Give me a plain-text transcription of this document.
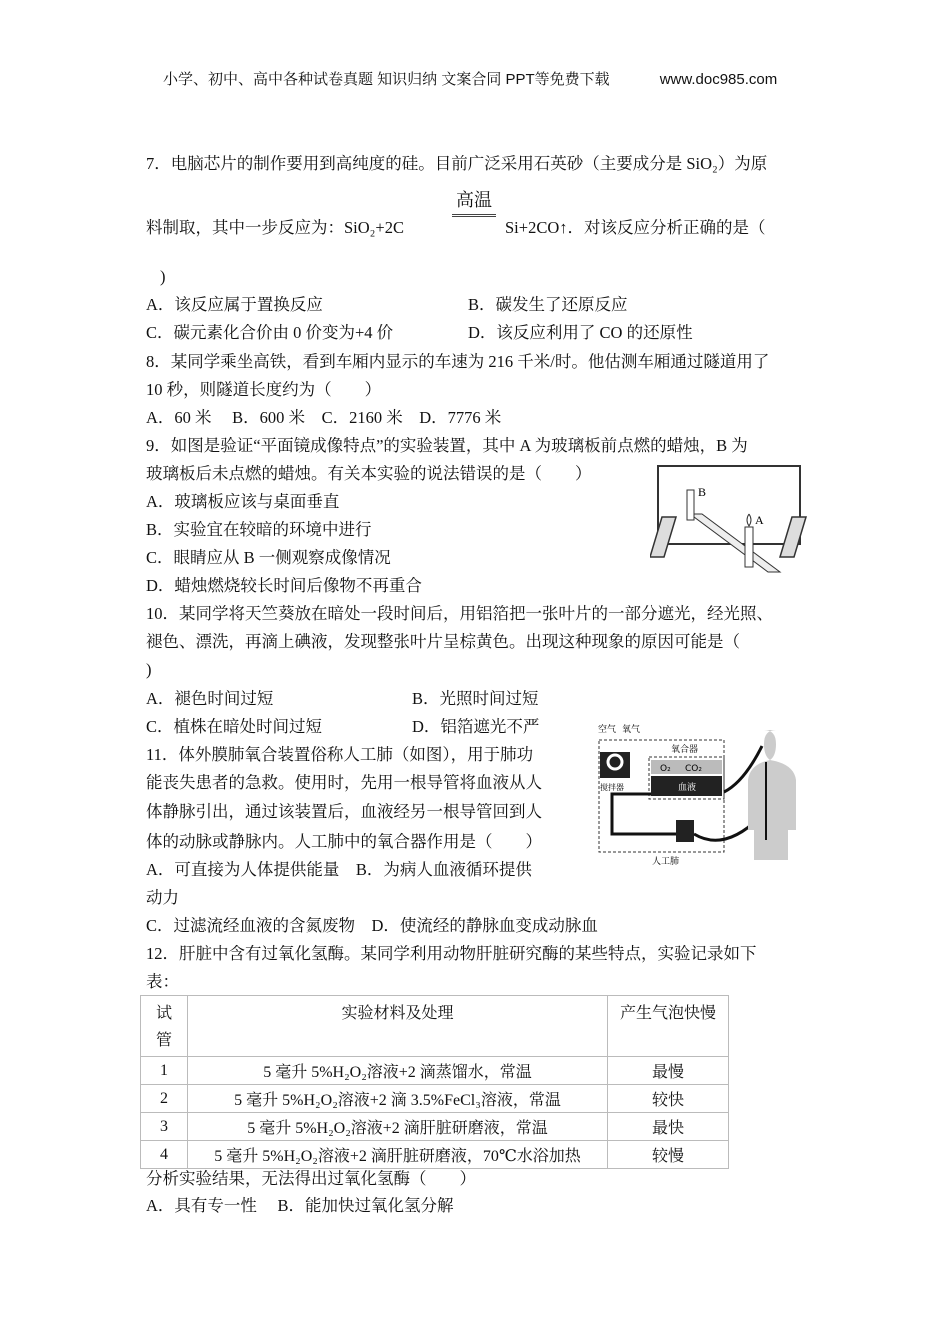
小学、初中、高中各种试卷真题 知识归纳 文案合同 PPT等免费下载	www.doc985.com
7．电脑芯片的制作要用到高纯度的硅。目前广泛采用石英砂（主要成分是 SiO₂）为原
高温
料制取，其中一步反应为：SiO₂+2C	Si+2CO↑．对该反应分析正确的是（
)
A．该反应属于置换反应	B．碳发生了还原反应
C．碳元素化合价由 0 价变为+4 价	D．该反应利用了 CO 的还原性
8．某同学乘坐高铁，看到车厢内显示的车速为 216 千米/时。他估测车厢通过隧道用了
10 秒，则隧道长度约为（　　）
A．60 米　 B．600 米　 C．2160 米　 D．7776 米
9．如图是验证“平面镜成像特点”的实验装置，其中 A 为玻璃板前点燃的蜡烛，B 为
玻璃板后未点燃的蜡烛。有关本实验的说法错误的是（　　）
A．玻璃板应该与桌面垂直
B．实验宜在较暗的环境中进行
C．眼睛应从 B 一侧观察成像情况
D．蜡烛燃烧较长时间后像物不再重合
B
A
10．某同学将天竺葵放在暗处一段时间后，用铝箔把一张叶片的一部分遮光，经光照、
褪色、漂洗，再滴上碘液，发现整张叶片呈棕黄色。出现这种现象的原因可能是（
)
A．褪色时间过短	B．光照时间过短
C．植株在暗处时间过短	D．铝箔遮光不严
11．体外膜肺氧合装置俗称人工肺（如图），用于肺功
能丧失患者的急救。使用时，先用一根导管将血液从人
体静脉引出，通过该装置后，血液经另一根导管回到人
体的动脉或静脉内。人工肺中的氧合器作用是（　　）
A．可直接为人体提供能量　B．为病人血液循环提供
动力
C．过滤流经血液的含氮废物　D．使流经的静脉血变成动脉血
空气 氧气
搅拌器
氧合器
O₂ CO₂
血液
人工肺
12．肝脏中含有过氧化氢酶。某同学利用动物肝脏研究酶的某些特点，实验记录如下
表：
试管	实验材料及处理	产生气泡快慢
1	5 毫升 5%H₂O₂溶液+2 滴蒸馏水，常温	最慢
2	5 毫升 5%H₂O₂溶液+2 滴 3.5%FeCl₃溶液，常温	较快
3	5 毫升 5%H₂O₂溶液+2 滴肝脏研磨液，常温	最快
4	5 毫升 5%H₂O₂溶液+2 滴肝脏研磨液，70℃水浴加热	较慢
分析实验结果，无法得出过氧化氢酶（　　）
A．具有专一性　 B．能加快过氧化氢分解
